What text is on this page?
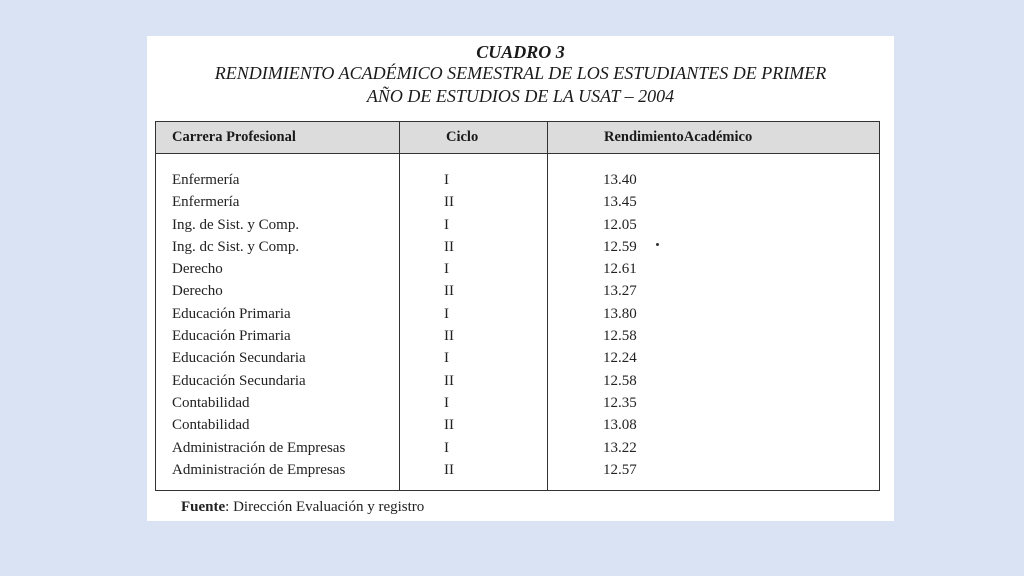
CUADRO 3
RENDIMIENTO ACADÉMICO SEMESTRAL DE LOS ESTUDIANTES DE PRIMER
AÑO DE ESTUDIOS DE LA USAT – 2004
Carrera Profesional	Ciclo	RendimientoAcadémico
Enfermería	I	13.40
Enfermería	II	13.45
Ing. de Sist. y Comp.	I	12.05
Ing. dc Sist. y Comp.	II	12.59
Derecho	I	12.61
Derecho	II	13.27
Educación Primaria	I	13.80
Educación Primaria	II	12.58
Educación Secundaria	I	12.24
Educación Secundaria	II	12.58
Contabilidad	I	12.35
Contabilidad	II	13.08
Administración de Empresas	I	13.22
Administración de Empresas	II	12.57
Fuente: Dirección Evaluación y registro
